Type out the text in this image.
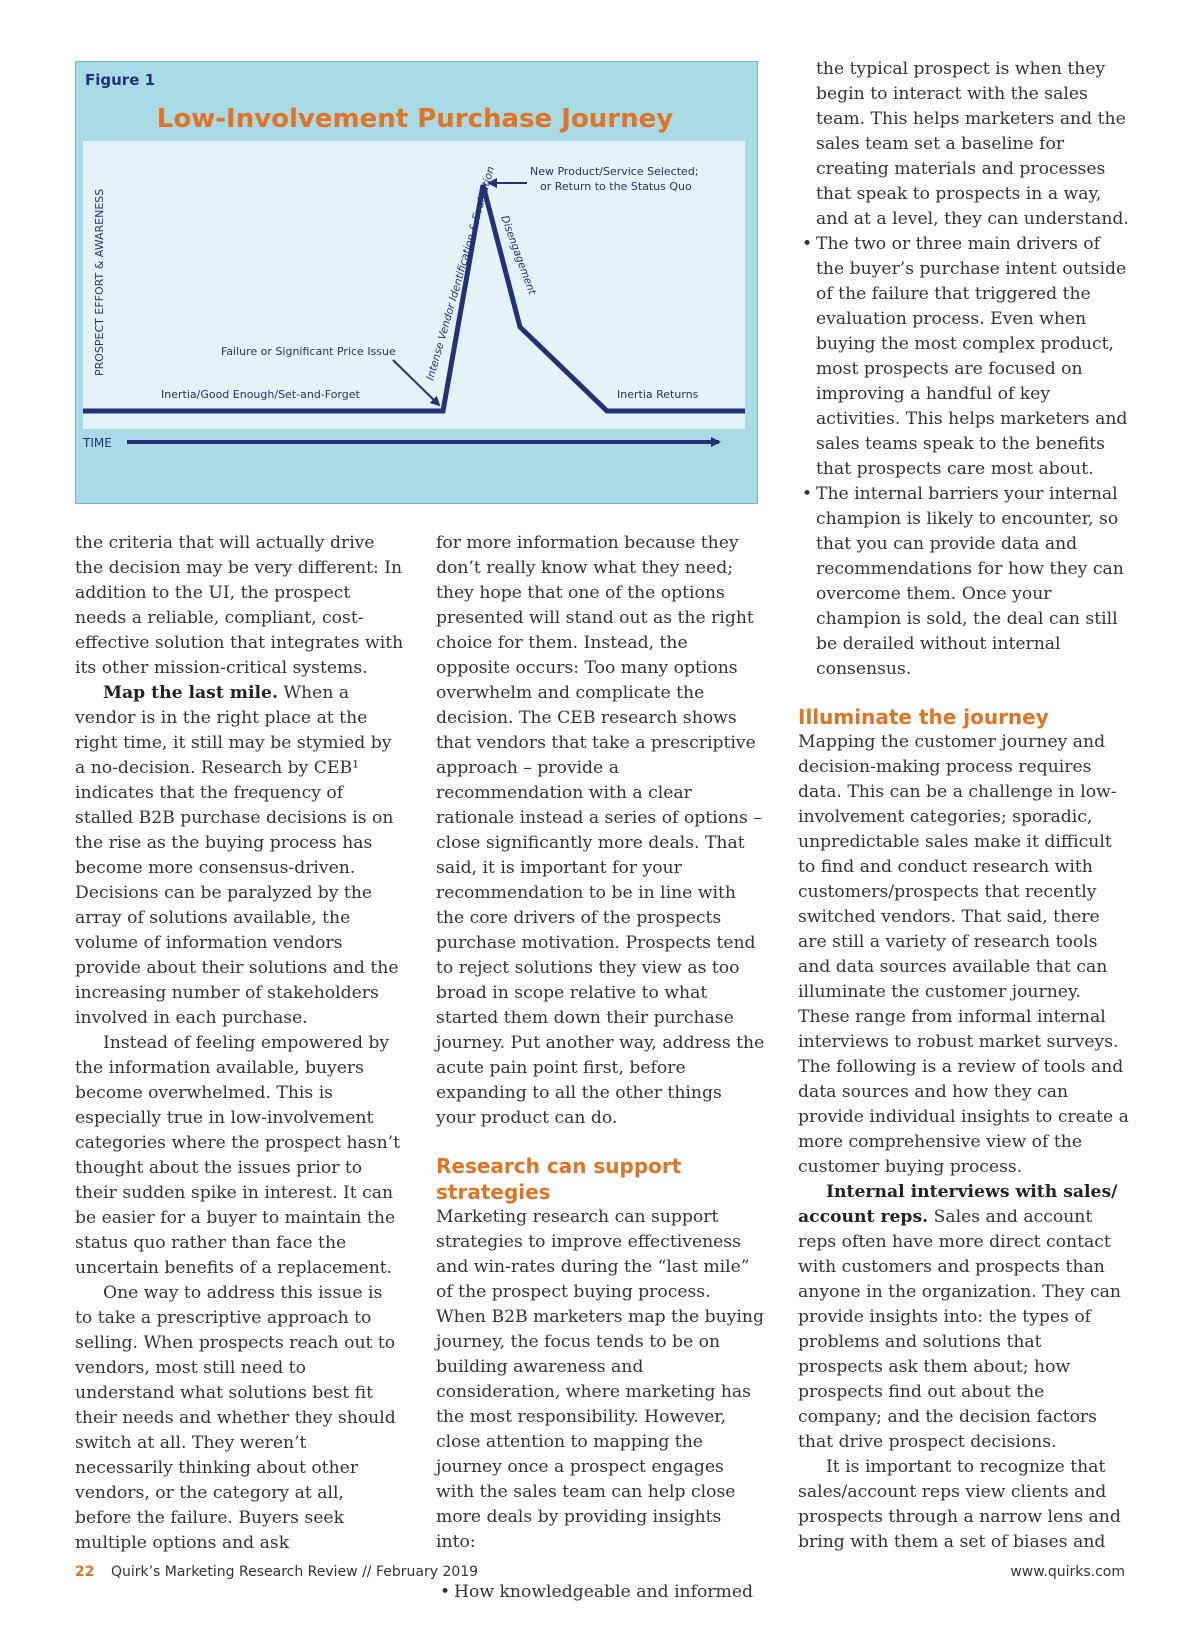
Figure 1
Low-Involvement Purchase Journey
PROSPECT EFFORT & AWARENESS
New Product/Service Selected;
or Return to the Status Quo
Intense Vendor Identification & Evaluation Disengagement
Failure or Significant Price Issue
Inertia/Good Enough/Set-and-Forget	Inertia Returns
TIME

the criteria that will actually drive the decision may be very different: In addition to the UI, the prospect needs a reliable, compliant, cost-effective solution that integrates with its other mission-critical systems.

Map the last mile. When a vendor is in the right place at the right time, it still may be stymied by a no-decision. Research by CEB¹ indicates that the frequency of stalled B2B purchase decisions is on the rise as the buying process has become more consensus-driven. Decisions can be paralyzed by the array of solutions available, the volume of information vendors provide about their solutions and the increasing number of stakeholders involved in each purchase.

Instead of feeling empowered by the information available, buyers become overwhelmed. This is especially true in low-involvement categories where the prospect hasn’t thought about the issues prior to their sudden spike in interest. It can be easier for a buyer to maintain the status quo rather than face the uncertain benefits of a replacement.

One way to address this issue is to take a prescriptive approach to selling. When prospects reach out to vendors, most still need to understand what solutions best fit their needs and whether they should switch at all. They weren’t necessarily thinking about other vendors, or the category at all, before the failure. Buyers seek multiple options and ask

for more information because they don’t really know what they need; they hope that one of the options presented will stand out as the right choice for them. Instead, the opposite occurs: Too many options overwhelm and complicate the decision. The CEB research shows that vendors that take a prescriptive approach – provide a recommendation with a clear rationale instead a series of options – close significantly more deals. That said, it is important for your recommendation to be in line with the core drivers of the prospects purchase motivation. Prospects tend to reject solutions they view as too broad in scope relative to what started them down their purchase journey. Put another way, address the acute pain point first, before expanding to all the other things your product can do.

Research can support strategies

Marketing research can support strategies to improve effectiveness and win-rates during the “last mile” of the prospect buying process. When B2B marketers map the buying journey, the focus tends to be on building awareness and consideration, where marketing has the most responsibility. However, close attention to mapping the journey once a prospect engages with the sales team can help close more deals by providing insights into:

• How knowledgeable and informed

the typical prospect is when they begin to interact with the sales team. This helps marketers and the sales team set a baseline for creating materials and processes that speak to prospects in a way, and at a level, they can understand.

• The two or three main drivers of the buyer’s purchase intent outside of the failure that triggered the evaluation process. Even when buying the most complex product, most prospects are focused on improving a handful of key activities. This helps marketers and sales teams speak to the benefits that prospects care most about.
• The internal barriers your internal champion is likely to encounter, so that you can provide data and recommendations for how they can overcome them. Once your champion is sold, the deal can still be derailed without internal consensus.
Illuminate the journey

Mapping the customer journey and decision-making process requires data. This can be a challenge in low-involvement categories; sporadic, unpredictable sales make it difficult to find and conduct research with customers/prospects that recently switched vendors. That said, there are still a variety of research tools and data sources available that can illuminate the customer journey. These range from informal internal interviews to robust market surveys. The following is a review of tools and data sources and how they can provide individual insights to create a more comprehensive view of the customer buying process.

Internal interviews with sales/ account reps. Sales and account reps often have more direct contact with customers and prospects than anyone in the organization. They can provide insights into: the types of problems and solutions that prospects ask them about; how prospects find out about the company; and the decision factors that drive prospect decisions.

It is important to recognize that sales/account reps view clients and prospects through a narrow lens and bring with them a set of biases and

22 Quirk’s Marketing Research Review // February 2019	www.quirks.com
